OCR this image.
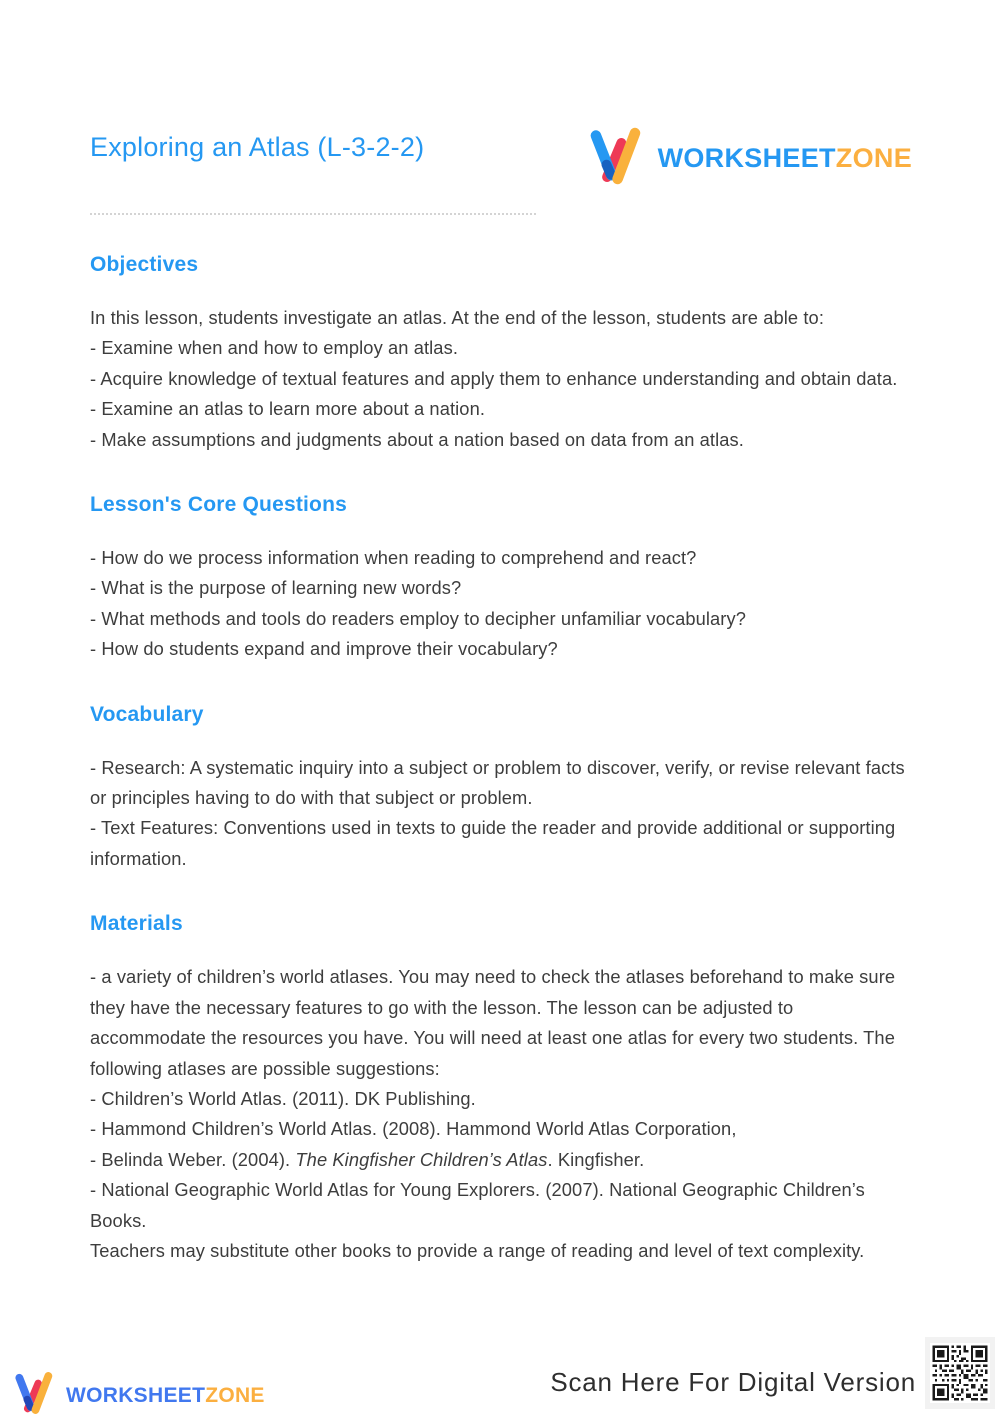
Exploring an Atlas (L-3-2-2)	WORKSHEETZONE
Objectives
In this lesson, students investigate an atlas. At the end of the lesson, students are able to:
- Examine when and how to employ an atlas.
- Acquire knowledge of textual features and apply them to enhance understanding and obtain data.
- Examine an atlas to learn more about a nation.
- Make assumptions and judgments about a nation based on data from an atlas.
Lesson's Core Questions
- How do we process information when reading to comprehend and react?
- What is the purpose of learning new words?
- What methods and tools do readers employ to decipher unfamiliar vocabulary?
- How do students expand and improve their vocabulary?
Vocabulary
- Research: A systematic inquiry into a subject or problem to discover, verify, or revise relevant facts or principles having to do with that subject or problem.
- Text Features: Conventions used in texts to guide the reader and provide additional or supporting information.
Materials
- a variety of children’s world atlases. You may need to check the atlases beforehand to make sure they have the necessary features to go with the lesson. The lesson can be adjusted to accommodate the resources you have. You will need at least one atlas for every two students. The following atlases are possible suggestions:
- Children’s World Atlas. (2011). DK Publishing.
- Hammond Children’s World Atlas. (2008). Hammond World Atlas Corporation,
- Belinda Weber. (2004). The Kingfisher Children’s Atlas. Kingfisher.
- National Geographic World Atlas for Young Explorers. (2007). National Geographic Children’s Books.
Teachers may substitute other books to provide a range of reading and level of text complexity.
WORKSHEETZONE	Scan Here For Digital Version
